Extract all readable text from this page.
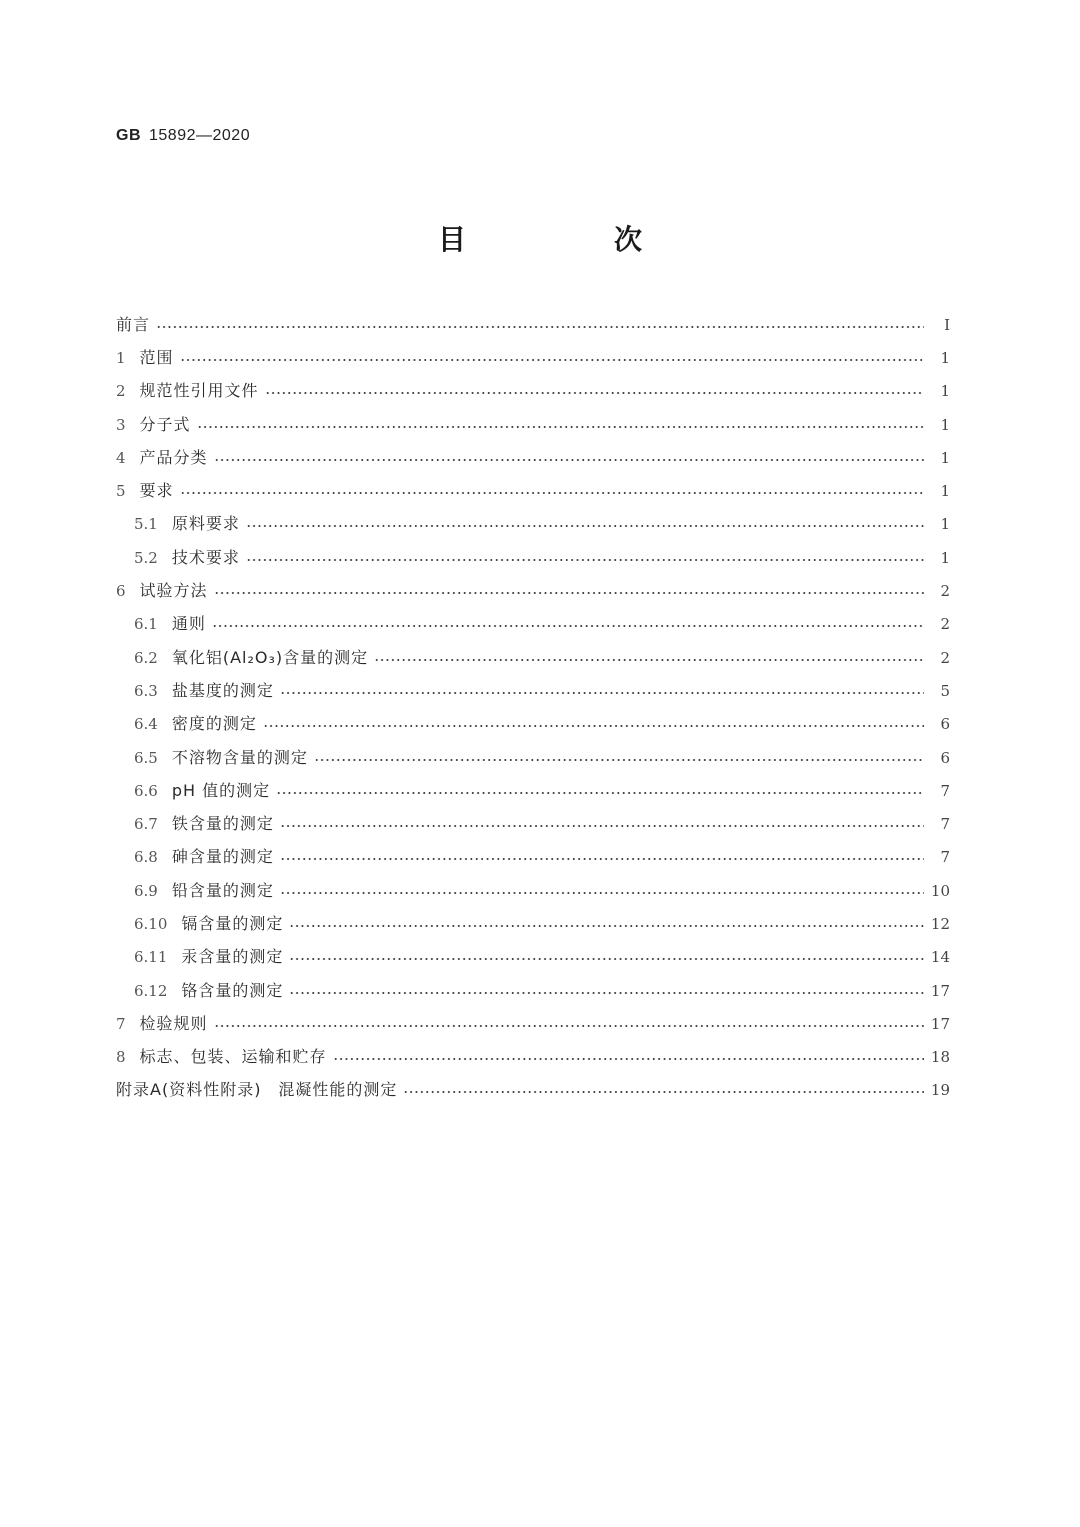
GB 15892—2020
目　次
前言	Ⅰ
1 范围	1
2 规范性引用文件	1
3 分子式	1
4 产品分类	1
5 要求	1
5.1 原料要求	1
5.2 技术要求	1
6 试验方法	2
6.1 通则	2
6.2 氧化铝(Al₂O₃)含量的测定	2
6.3 盐基度的测定	5
6.4 密度的测定	6
6.5 不溶物含量的测定	6
6.6 pH 值的测定	7
6.7 铁含量的测定	7
6.8 砷含量的测定	7
6.9 铅含量的测定	10
6.10 镉含量的测定	12
6.11 汞含量的测定	14
6.12 铬含量的测定	17
7 检验规则	17
8 标志、包装、运输和贮存	18
附录A(资料性附录)　混凝性能的测定	19
